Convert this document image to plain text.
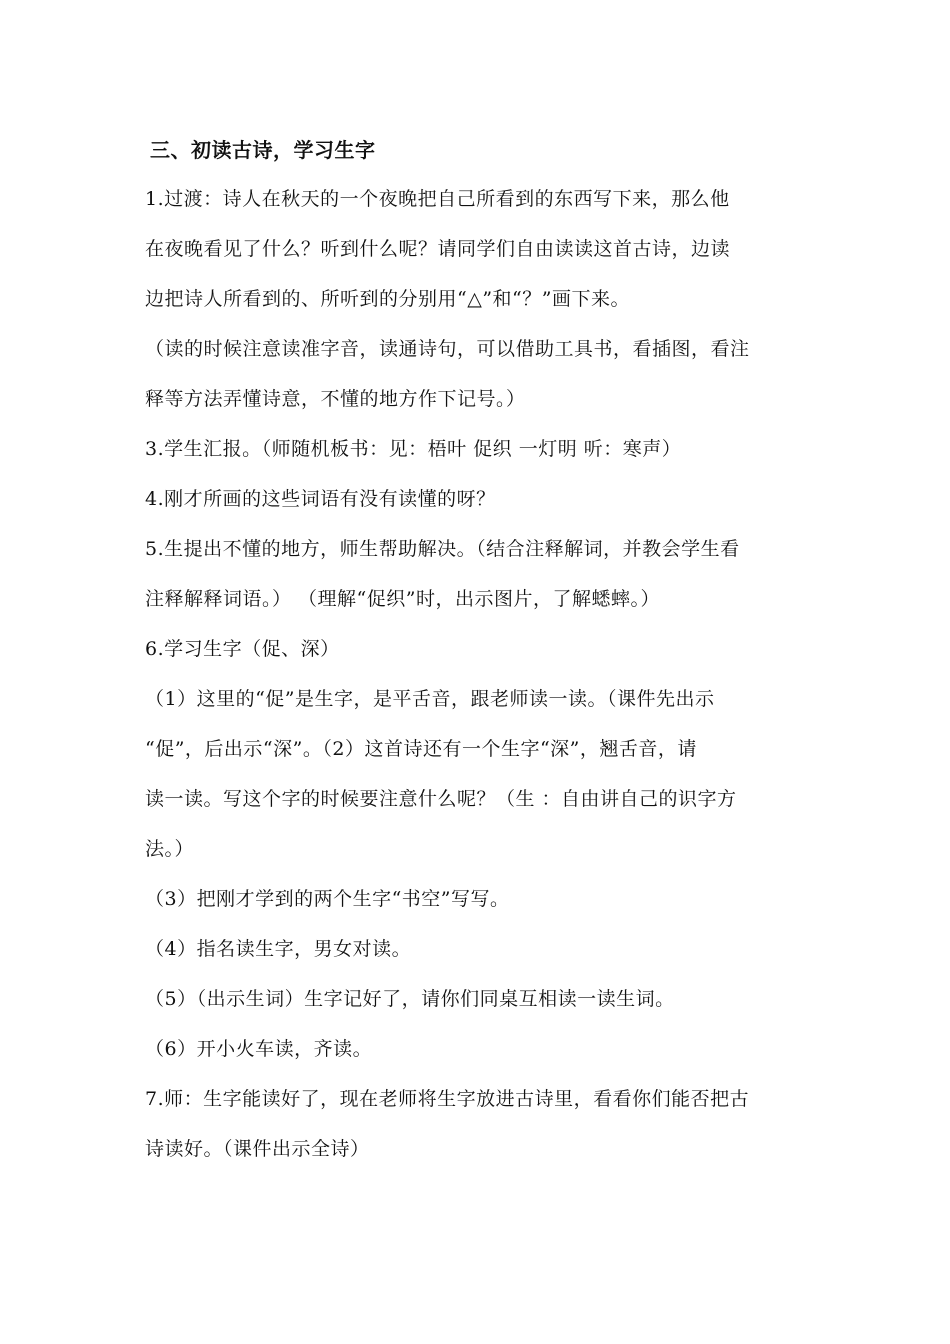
三、初读古诗，学习生字
1.过渡：诗人在秋天的一个夜晚把自己所看到的东西写下来，那么他
在夜晚看见了什么？听到什么呢？请同学们自由读读这首古诗，边读
边把诗人所看到的、所听到的分别用“△”和“？”画下来。
（读的时候注意读准字音，读通诗句，可以借助工具书，看插图，看注
释等方法弄懂诗意，不懂的地方作下记号。）
3.学生汇报。（师随机板书：见：梧叶 促织 一灯明 听：寒声）
4.刚才所画的这些词语有没有读懂的呀？
5.生提出不懂的地方，师生帮助解决。（结合注释解词，并教会学生看
注释解释词语。） （理解“促织”时，出示图片，了解蟋蟀。）
6.学习生字（促、深）
（1）这里的“促”是生字，是平舌音，跟老师读一读。（课件先出示
“促”，后出示“深”。（2）这首诗还有一个生字“深”，翘舌音，请
读一读。写这个字的时候要注意什么呢？（生 ：自由讲自己的识字方
法。）
（3）把刚才学到的两个生字“书空”写写。
（4）指名读生字，男女对读。
（5）（出示生词）生字记好了，请你们同桌互相读一读生词。
（6）开小火车读，齐读。
7.师：生字能读好了，现在老师将生字放进古诗里，看看你们能否把古
诗读好。（课件出示全诗）
